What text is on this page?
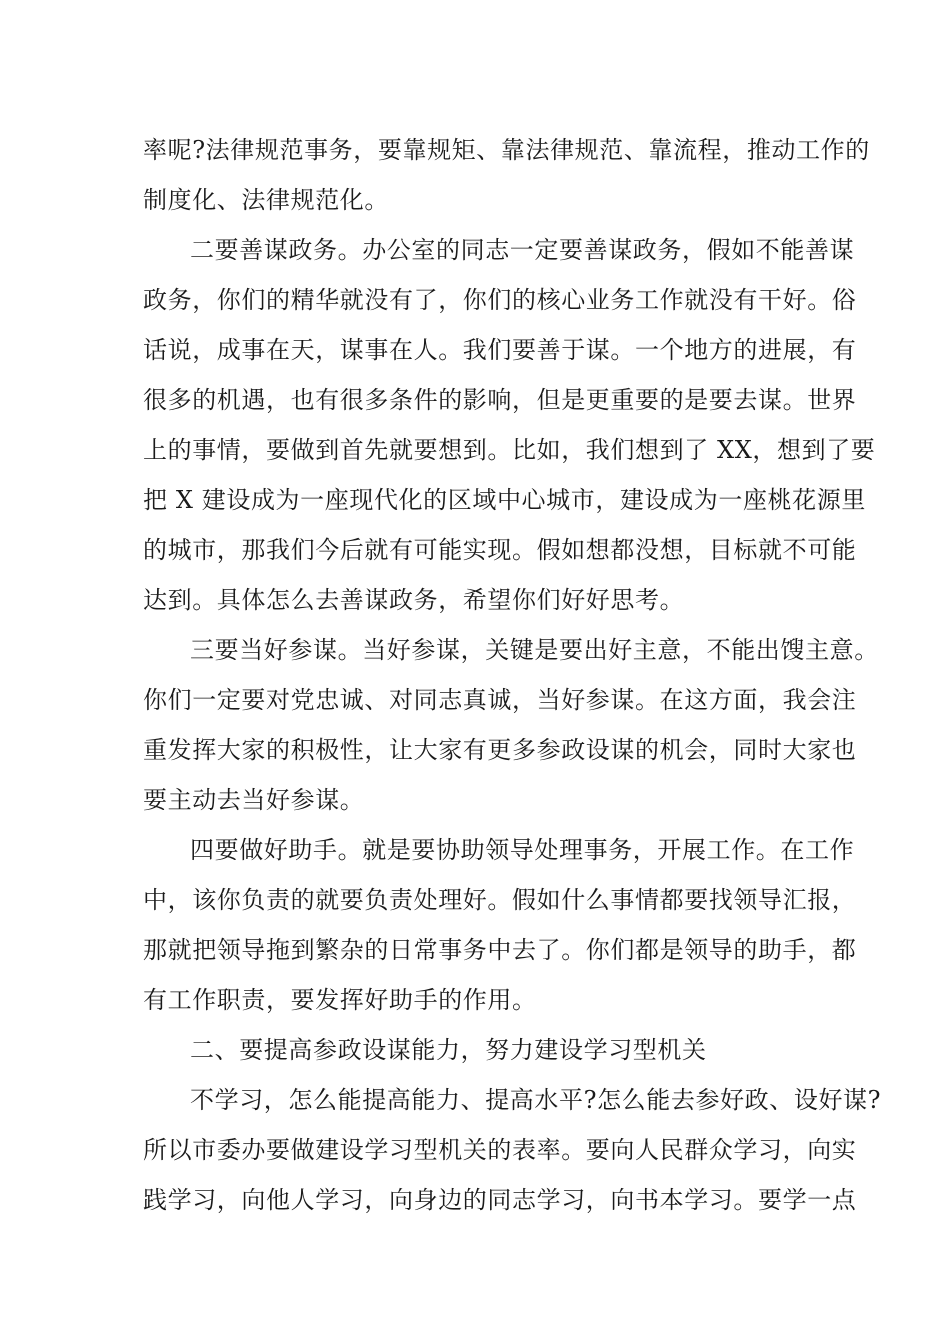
率呢?法律规范事务，要靠规矩、靠法律规范、靠流程，推动工作的
制度化、法律规范化。
二要善谋政务。办公室的同志一定要善谋政务，假如不能善谋
政务，你们的精华就没有了，你们的核心业务工作就没有干好。俗
话说，成事在天，谋事在人。我们要善于谋。一个地方的进展，有
很多的机遇，也有很多条件的影响，但是更重要的是要去谋。世界
上的事情，要做到首先就要想到。比如，我们想到了 XX，想到了要
把 X 建设成为一座现代化的区域中心城市，建设成为一座桃花源里
的城市，那我们今后就有可能实现。假如想都没想，目标就不可能
达到。具体怎么去善谋政务，希望你们好好思考。
三要当好参谋。当好参谋，关键是要出好主意，不能出馊主意。
你们一定要对党忠诚、对同志真诚，当好参谋。在这方面，我会注
重发挥大家的积极性，让大家有更多参政设谋的机会，同时大家也
要主动去当好参谋。
四要做好助手。就是要协助领导处理事务，开展工作。在工作
中，该你负责的就要负责处理好。假如什么事情都要找领导汇报，
那就把领导拖到繁杂的日常事务中去了。你们都是领导的助手，都
有工作职责，要发挥好助手的作用。
二、要提高参政设谋能力，努力建设学习型机关
不学习，怎么能提高能力、提高水平?怎么能去参好政、设好谋?
所以市委办要做建设学习型机关的表率。要向人民群众学习，向实
践学习，向他人学习，向身边的同志学习，向书本学习。要学一点
